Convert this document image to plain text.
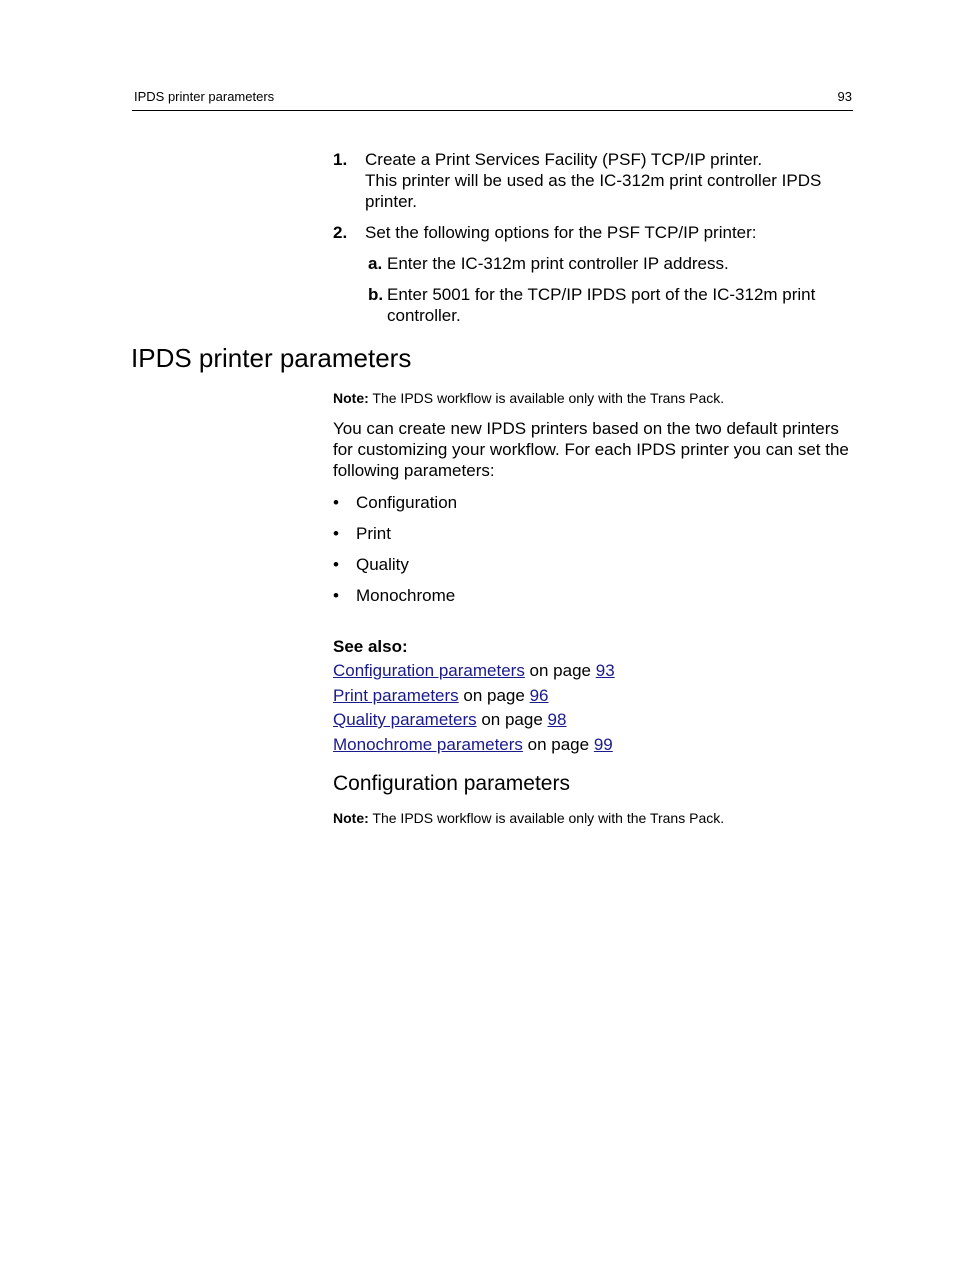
IPDS printer parameters	93
1. Create a Print Services Facility (PSF) TCP/IP printer.
This printer will be used as the IC-312m print controller IPDS printer.
2. Set the following options for the PSF TCP/IP printer:
a. Enter the IC-312m print controller IP address.
b. Enter 5001 for the TCP/IP IPDS port of the IC-312m print controller.
IPDS printer parameters

Note: The IPDS workflow is available only with the Trans Pack.

You can create new IPDS printers based on the two default printers for customizing your workflow. For each IPDS printer you can set the following parameters:

• Configuration
• Print
• Quality
• Monochrome
See also:
Configuration parameters on page 93
Print parameters on page 96
Quality parameters on page 98
Monochrome parameters on page 99
Configuration parameters

Note: The IPDS workflow is available only with the Trans Pack.
